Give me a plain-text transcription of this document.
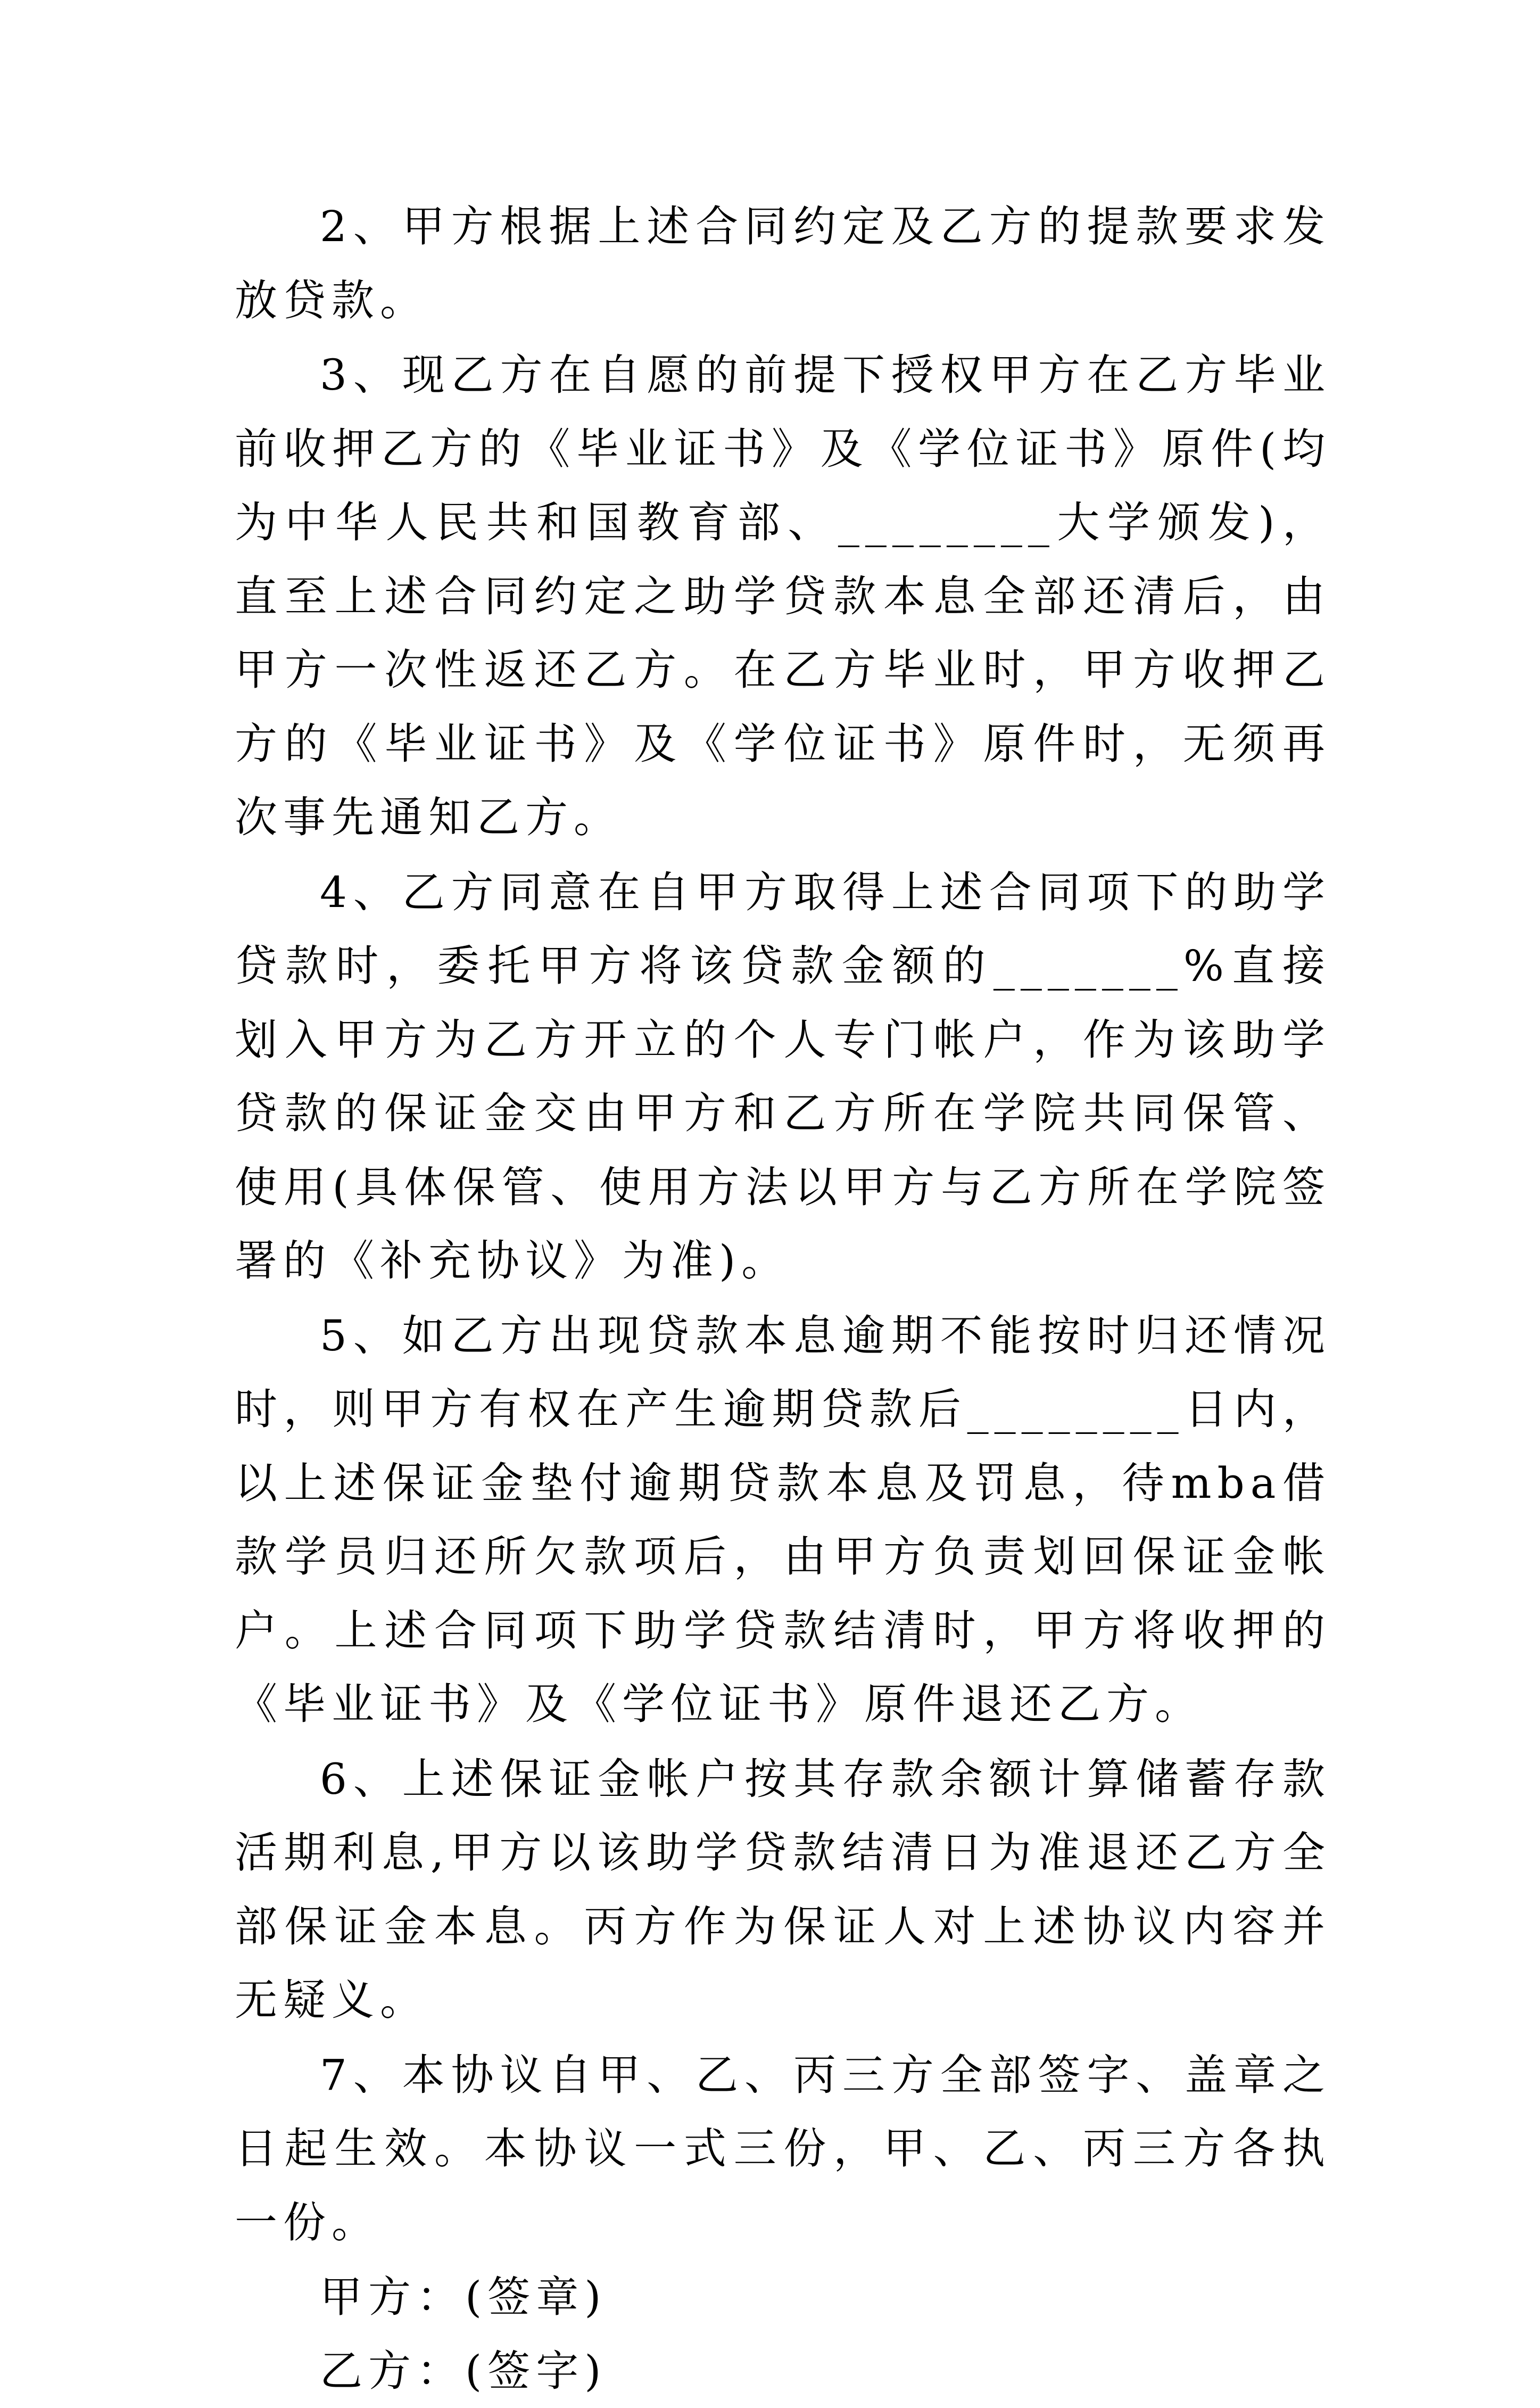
2、甲方根据上述合同约定及乙方的提款要求发放贷款。

3、现乙方在自愿的前提下授权甲方在乙方毕业前收押乙方的《毕业证书》及《学位证书》原件(均为中华人民共和国教育部、________大学颁发)，直至上述合同约定之助学贷款本息全部还清后，由甲方一次性返还乙方。在乙方毕业时，甲方收押乙方的《毕业证书》及《学位证书》原件时，无须再次事先通知乙方。

4、乙方同意在自甲方取得上述合同项下的助学贷款时，委托甲方将该贷款金额的_______%直接划入甲方为乙方开立的个人专门帐户，作为该助学贷款的保证金交由甲方和乙方所在学院共同保管、使用(具体保管、使用方法以甲方与乙方所在学院签署的《补充协议》为准)。

5、如乙方出现贷款本息逾期不能按时归还情况时，则甲方有权在产生逾期贷款后________日内，以上述保证金垫付逾期贷款本息及罚息，待mba借款学员归还所欠款项后，由甲方负责划回保证金帐户。上述合同项下助学贷款结清时，甲方将收押的《毕业证书》及《学位证书》原件退还乙方。

6、上述保证金帐户按其存款余额计算储蓄存款活期利息,甲方以该助学贷款结清日为准退还乙方全部保证金本息。丙方作为保证人对上述协议内容并无疑义。

7、本协议自甲、乙、丙三方全部签字、盖章之日起生效。本协议一式三份，甲、乙、丙三方各执一份。

甲方：(签章)

乙方：(签字)
